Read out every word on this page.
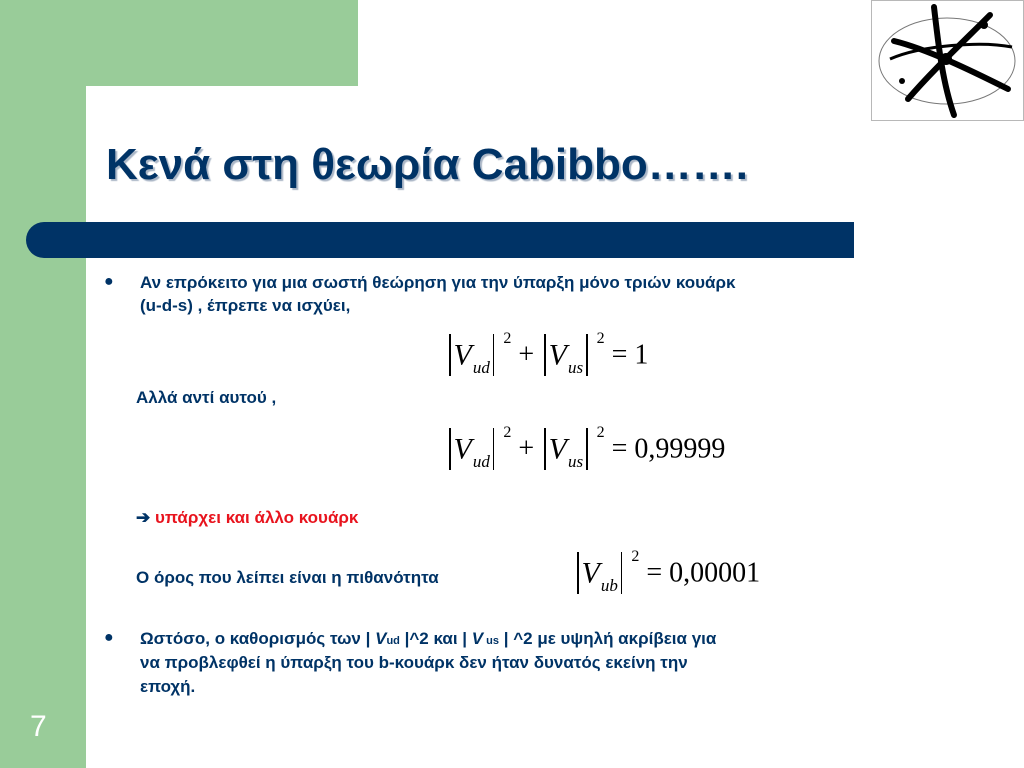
Κενά στη θεωρία Cabibbo…….
● Αν επρόκειτο για μια σωστή θεώρηση για την ύπαρξη μόνο τριών κουάρκ
(u-d-s) , έπρεπε να ισχύει,
Vud2+ Vus2= 1
Αλλά αντί αυτού ,
Vud2+ Vus2= 0,99999
➔ υπάρχει και άλλο κουάρκ
Ο όρος που λείπει είναι η πιθανότητα	Vub2= 0,00001
● Ωστόσο, ο καθορισμός των | Vud |^2 και | V us | ^2 με υψηλή ακρίβεια για
να προβλεφθεί η ύπαρξη του b-κουάρκ δεν ήταν δυνατός εκείνη την
εποχή.
7
